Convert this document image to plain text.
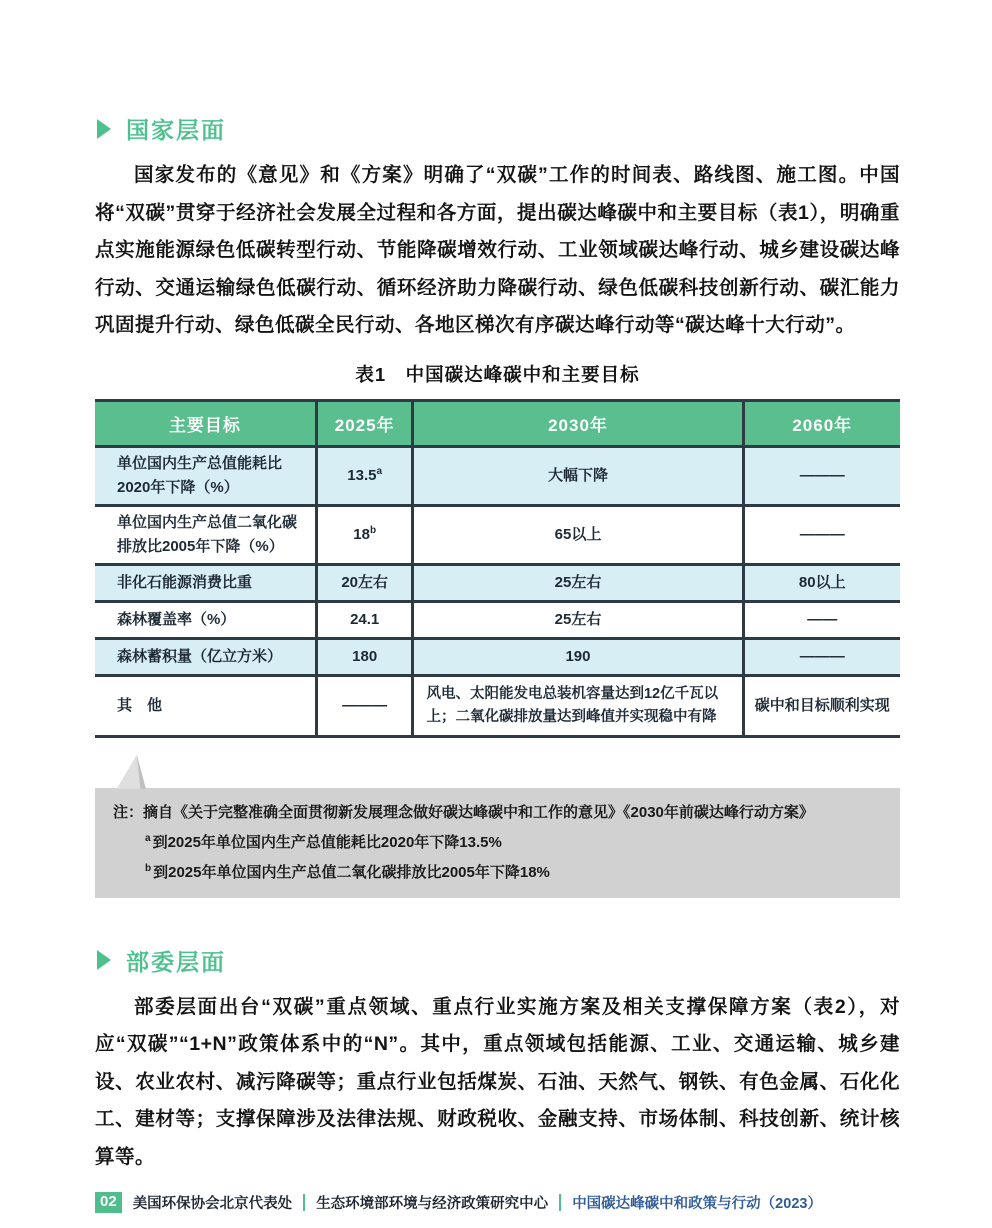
国家层面

国家发布的《意见》和《方案》明确了“双碳”工作的时间表、路线图、施工图。中国将“双碳”贯穿于经济社会发展全过程和各方面，提出碳达峰碳中和主要目标（表1），明确重点实施能源绿色低碳转型行动、节能降碳增效行动、工业领域碳达峰行动、城乡建设碳达峰行动、交通运输绿色低碳行动、循环经济助力降碳行动、绿色低碳科技创新行动、碳汇能力巩固提升行动、绿色低碳全民行动、各地区梯次有序碳达峰行动等“碳达峰十大行动”。

表1　中国碳达峰碳中和主要目标
主要目标	2025年	2030年	2060年
单位国内生产总值能耗比2020年下降（%）	13.5$^a$	大幅下降	———
单位国内生产总值二氧化碳排放比2005年下降（%）	18$^b$	65以上	———
非化石能源消费比重	20左右	25左右	80以上
森林覆盖率（%）	24.1	25左右	——
森林蓄积量（亿立方米）	180	190	———
其　他	———	风电、太阳能发电总装机容量达到12亿千瓦以上；二氧化碳排放量达到峰值并实现稳中有降	碳中和目标顺利实现
注：摘自《关于完整准确全面贯彻新发展理念做好碳达峰碳中和工作的意见》《2030年前碳达峰行动方案》
$^a$ 到2025年单位国内生产总值能耗比2020年下降13.5%
$^b$ 到2025年单位国内生产总值二氧化碳排放比2005年下降18%
部委层面

部委层面出台“双碳”重点领域、重点行业实施方案及相关支撑保障方案（表2），对应“双碳”“1+N”政策体系中的“N”。其中，重点领域包括能源、工业、交通运输、城乡建设、农业农村、减污降碳等；重点行业包括煤炭、石油、天然气、钢铁、有色金属、石化化工、建材等；支撑保障涉及法律法规、财政税收、金融支持、市场体制、科技创新、统计核算等。

02	美国环保协会北京代表处 生态环境部环境与经济政策研究中心 中国碳达峰碳中和政策与行动（2023）
